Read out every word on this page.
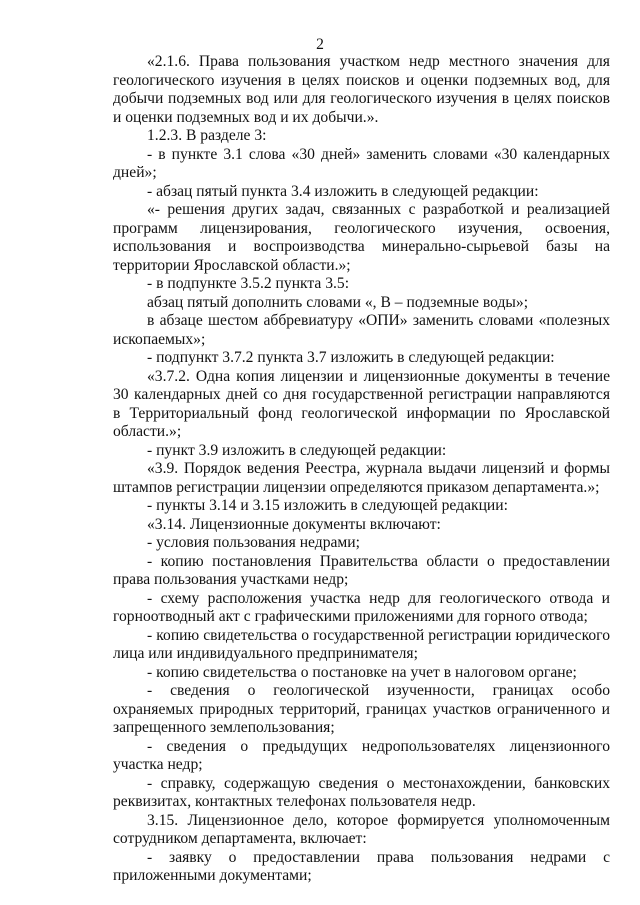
2

«2.1.6. Права пользования участком недр местного значения для геологического изучения в целях поисков и оценки подземных вод, для добычи подземных вод или для геологического изучения в целях поисков и оценки подземных вод и их добычи.».

1.2.3. В разделе 3:

- в пункте 3.1 слова «30 дней» заменить словами «30 календарных дней»;

- абзац пятый пункта 3.4 изложить в следующей редакции:

«- решения других задач, связанных с разработкой и реализацией программ лицензирования, геологического изучения, освоения, использования и воспроизводства минерально-сырьевой базы на территории Ярославской области.»;

- в подпункте 3.5.2 пункта 3.5:

абзац пятый дополнить словами «, В – подземные воды»;

в абзаце шестом аббревиатуру «ОПИ» заменить словами «полезных ископаемых»;

- подпункт 3.7.2 пункта 3.7 изложить в следующей редакции:

«3.7.2. Одна копия лицензии и лицензионные документы в течение 30 календарных дней со дня государственной регистрации направляются в Территориальный фонд геологической информации по Ярославской области.»;

- пункт 3.9 изложить в следующей редакции:

«3.9. Порядок ведения Реестра, журнала выдачи лицензий и формы штампов регистрации лицензии определяются приказом департамента.»;

- пункты 3.14 и 3.15 изложить в следующей редакции:

«3.14. Лицензионные документы включают:

- условия пользования недрами;

- копию постановления Правительства области о предоставлении права пользования участками недр;

- схему расположения участка недр для геологического отвода и горноотводный акт с графическими приложениями для горного отвода;

- копию свидетельства о государственной регистрации юридического лица или индивидуального предпринимателя;

- копию свидетельства о постановке на учет в налоговом органе;

- сведения о геологической изученности, границах особо охраняемых природных территорий, границах участков ограниченного и запрещенного землепользования;

- сведения о предыдущих недропользователях лицензионного участка недр;

- справку, содержащую сведения о местонахождении, банковских реквизитах, контактных телефонах пользователя недр.

3.15. Лицензионное дело, которое формируется уполномоченным сотрудником департамента, включает:

- заявку о предоставлении права пользования недрами с приложенными документами;
